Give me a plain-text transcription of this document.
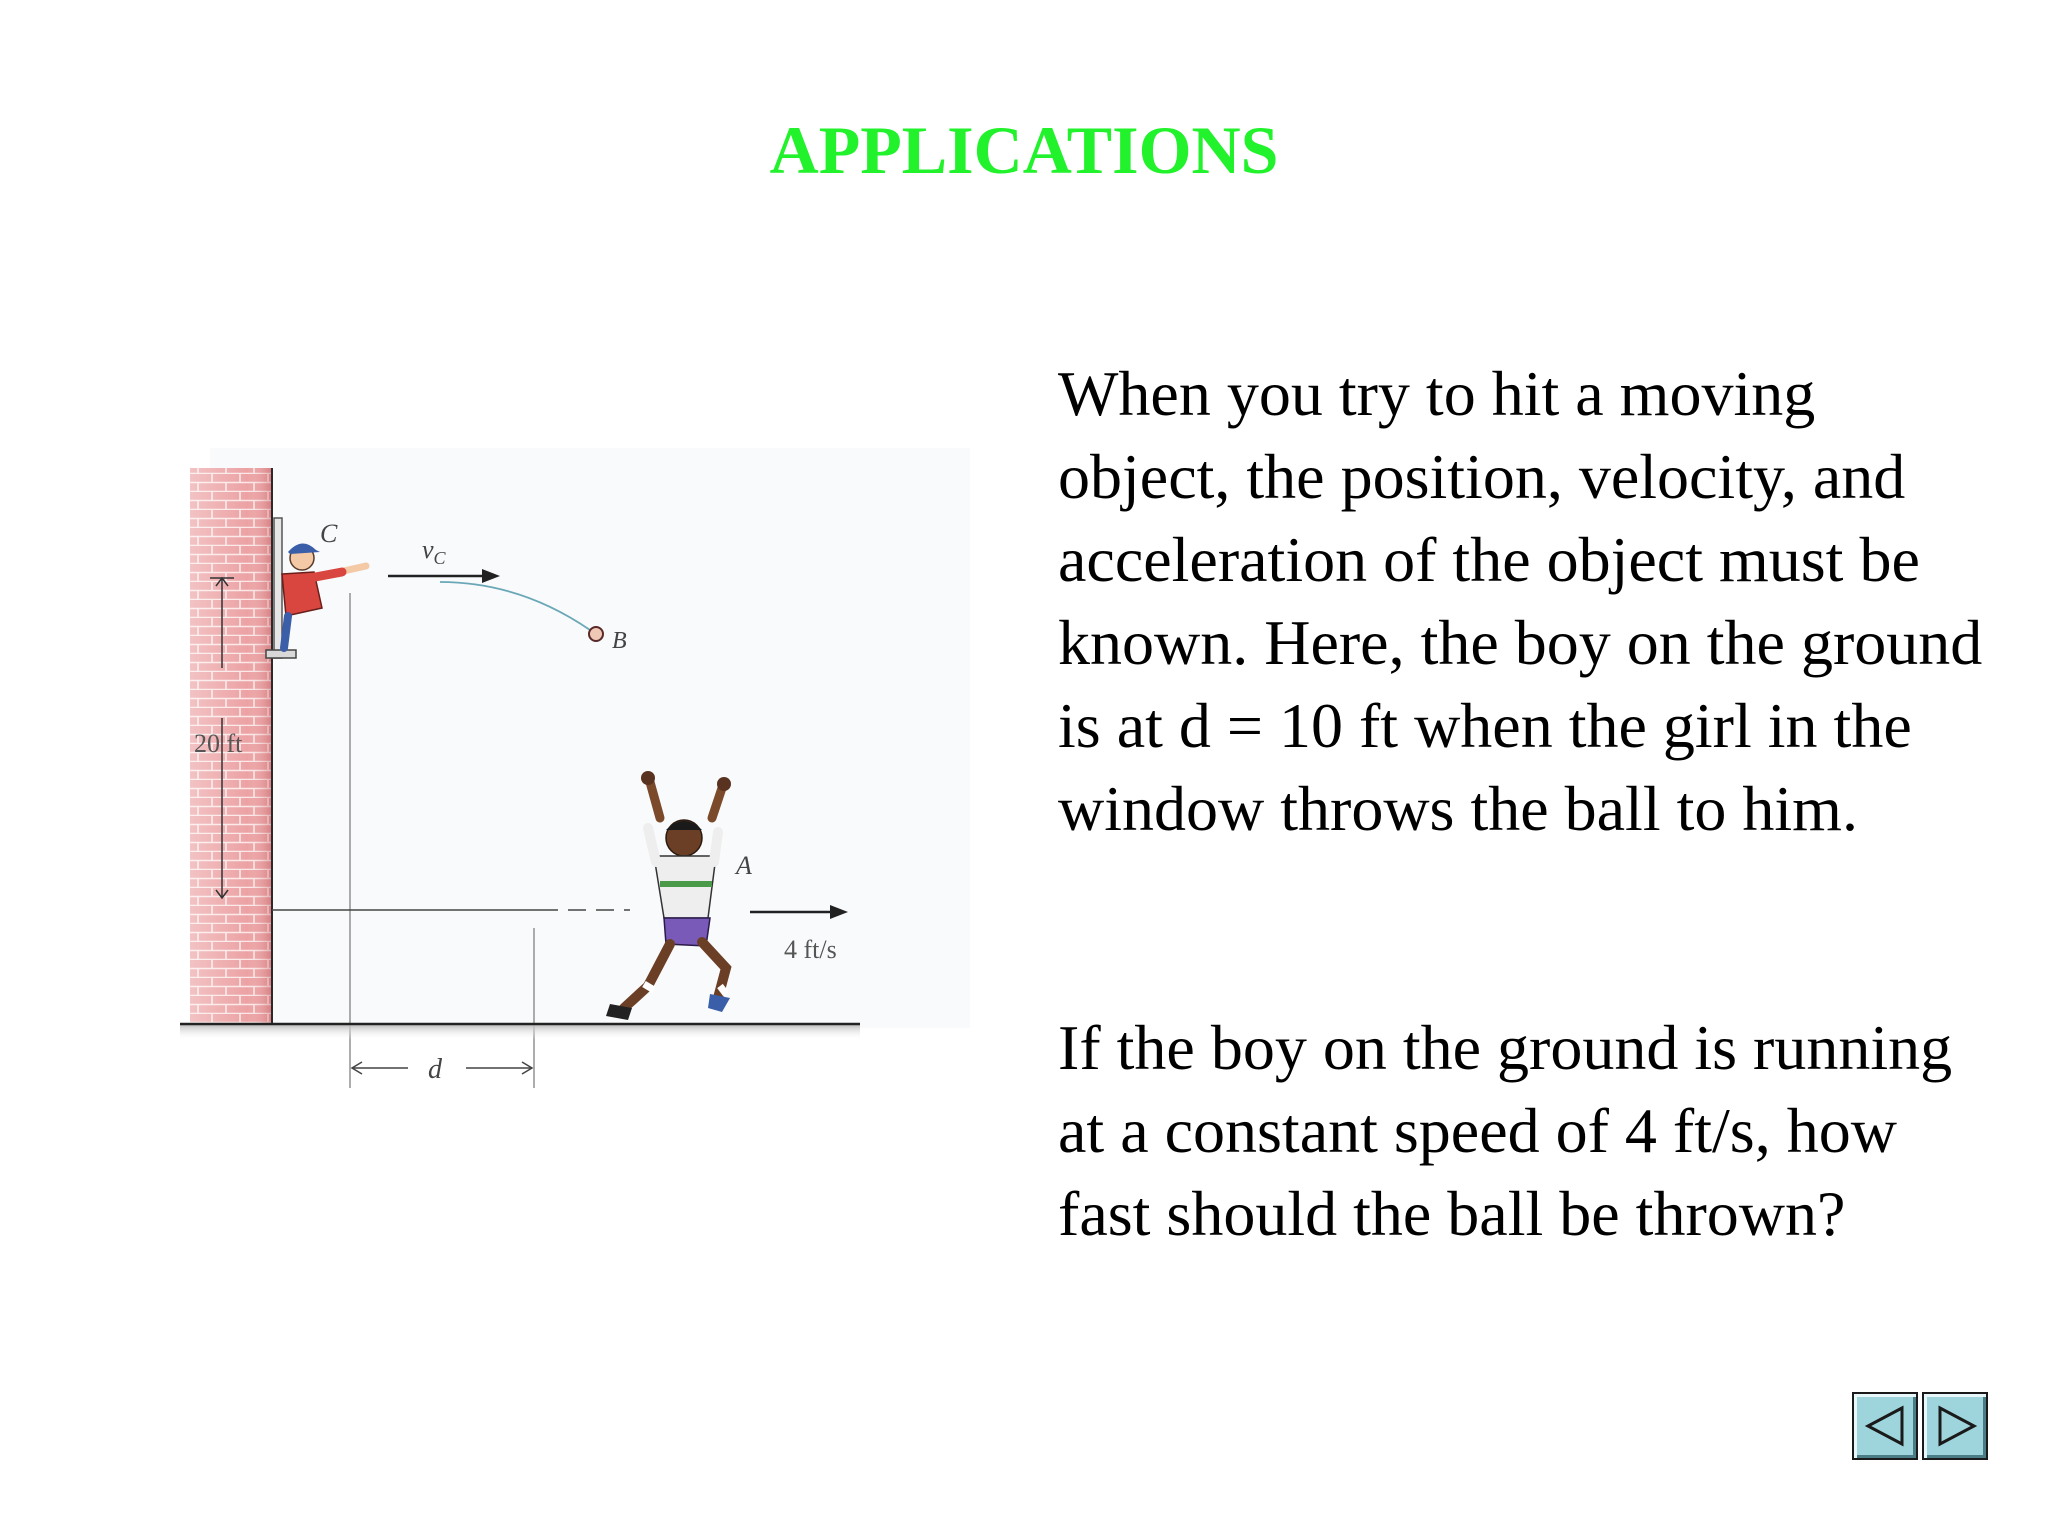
APPLICATIONS
20 ft
$v_C$
C
B
A
4 ft/s
d

When you try to hit a moving object, the position, velocity, and acceleration of the object must be known. Here, the boy on the ground is at d = 10 ft when the girl in the window throws the ball to him.

If the boy on the ground is running at a constant speed of 4 ft/s, how fast should the ball be thrown?
